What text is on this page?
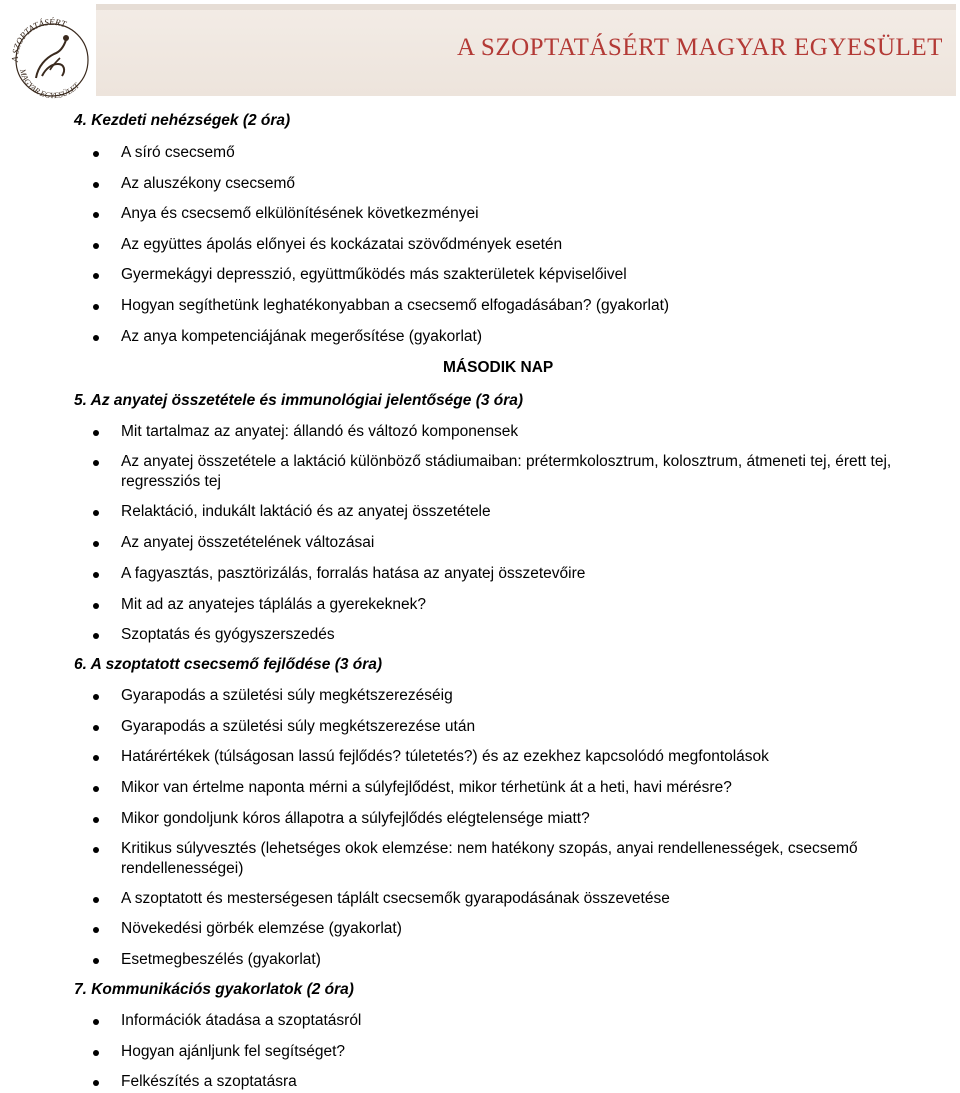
A SZOPTATÁSÉRT
MAGYAR EGYESÜLET
A SZOPTATÁSÉRT MAGYAR EGYESÜLET
4. Kezdeti nehézségek (2 óra)
A síró csecsemő
Az aluszékony csecsemő
Anya és csecsemő elkülönítésének következményei
Az együttes ápolás előnyei és kockázatai szövődmények esetén
Gyermekágyi depresszió, együttműködés más szakterületek képviselőivel
Hogyan segíthetünk leghatékonyabban a csecsemő elfogadásában? (gyakorlat)
Az anya kompetenciájának megerősítése (gyakorlat)
MÁSODIK NAP
5. Az anyatej összetétele és immunológiai jelentősége (3 óra)
Mit tartalmaz az anyatej: állandó és változó komponensek
Az anyatej összetétele a laktáció különböző stádiumaiban: prétermkolosztrum, kolosztrum, átmeneti tej, érett tej, regressziós tej
Relaktáció, indukált laktáció és az anyatej összetétele
Az anyatej összetételének változásai
A fagyasztás, pasztörizálás, forralás hatása az anyatej összetevőire
Mit ad az anyatejes táplálás a gyerekeknek?
Szoptatás és gyógyszerszedés
6. A szoptatott csecsemő fejlődése (3 óra)
Gyarapodás a születési súly megkétszerezéséig
Gyarapodás a születési súly megkétszerezése után
Határértékek (túlságosan lassú fejlődés? túletetés?) és az ezekhez kapcsolódó megfontolások
Mikor van értelme naponta mérni a súlyfejlődést, mikor térhetünk át a heti, havi mérésre?
Mikor gondoljunk kóros állapotra a súlyfejlődés elégtelensége miatt?
Kritikus súlyvesztés (lehetséges okok elemzése: nem hatékony szopás, anyai rendellenességek, csecsemő rendellenességei)
A szoptatott és mesterségesen táplált csecsemők gyarapodásának összevetése
Növekedési görbék elemzése (gyakorlat)
Esetmegbeszélés (gyakorlat)
7. Kommunikációs gyakorlatok (2 óra)
Információk átadása a szoptatásról
Hogyan ajánljunk fel segítséget?
Felkészítés a szoptatásra
